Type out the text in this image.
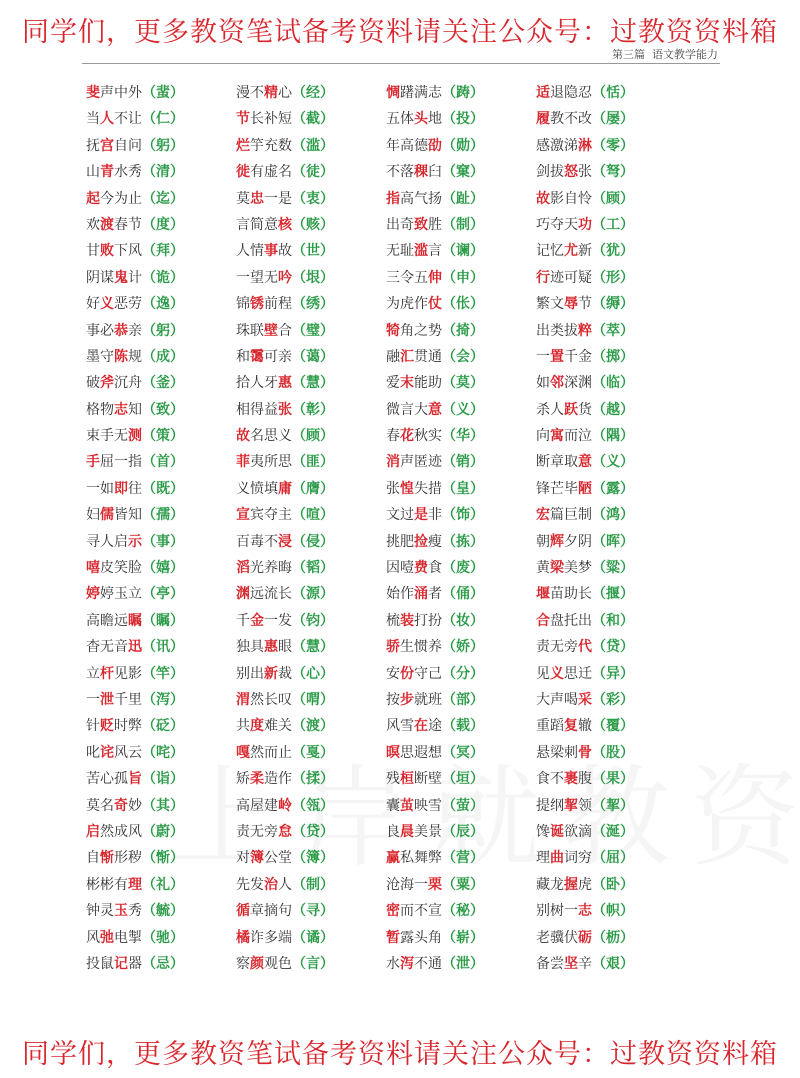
同学们，更多教资笔试备考资料请关注公众号：过教资资料箱
第三篇  语文教学能力
斐声中外（蜚）	漫不精心（经）	惆躇满志（踌）	适退隐忍（恬）
当人不让（仁）	节长补短（截）	五体头地（投）	履教不改（屡）
抚宫自问（躬）	烂竽充数（滥）	年高德劭（勋）	感激涕淋（零）
山青水秀（清）	徙有虚名（徒）	不落稞臼（窠）	剑拔怒张（弩）
起今为止（迄）	莫忠一是（衷）	指高气扬（趾）	故影自怜（顾）
欢渡春节（度）	言简意核（赅）	出奇致胜（制）	巧夺天功（工）
甘败下风（拜）	人情事故（世）	无耻滥言（谰）	记忆尤新（犹）
阴谋鬼计（诡）	一望无吟（垠）	三令五伸（申）	行迹可疑（形）
好义恶劳（逸）	锦锈前程（绣）	为虎作仗（伥）	繁文辱节（缛）
事必恭亲（躬）	珠联壁合（璧）	犄角之势（掎）	出类拔粹（萃）
墨守陈规（成）	和霭可亲（蔼）	融汇贯通（会）	一置千金（掷）
破斧沉舟（釜）	拾人牙惠（慧）	爱末能助（莫）	如邻深渊（临）
格物志知（致）	相得益张（彰）	微言大意（义）	杀人跃货（越）
束手无测（策）	故名思义（顾）	春花秋实（华）	向寓而泣（隅）
手屈一指（首）	菲夷所思（匪）	消声匿迹（销）	断章取意（义）
一如即往（既）	义愤填庸（膺）	张惶失措（皇）	锋芒毕陋（露）
妇儒皆知（孺）	宣宾夺主（喧）	文过是非（饰）	宏篇巨制（鸿）
寻人启示（事）	百毒不浸（侵）	挑肥捡瘦（拣）	朝辉夕阴（晖）
嘻皮笑脸（嬉）	滔光养晦（韬）	因噎费食（废）	黄梁美梦（粱）
婷婷玉立（亭）	渊远流长（源）	始作涌者（俑）	堰苗助长（揠）
高瞻远瞩（瞩）	千金一发（钧）	梳装打扮（妆）	合盘托出（和）
杳无音迅（讯）	独具惠眼（慧）	骄生惯养（娇）	责无旁代（贷）
立杆见影（竿）	别出新裁（心）	安份守己（分）	见义思迁（异）
一泄千里（泻）	渭然长叹（喟）	按步就班（部）	大声喝采（彩）
针贬时弊（砭）	共度难关（渡）	风雪在途（载）	重蹈复辙（覆）
叱诧风云（咤）	嘎然而止（戛）	暝思遐想（冥）	悬梁刺骨（股）
苦心孤旨（诣）	矫柔造作（揉）	残桓断壁（垣）	食不裹腹（果）
莫名奇妙（其）	高屋建岭（瓴）	囊茧映雪（萤）	提纲挈领（挈）
启然成风（蔚）	责无旁怠（贷）	良晨美景（辰）	馋诞欲滴（涎）
自惭形秽（惭）	对簿公堂（簿）	赢私舞弊（营）	理曲词穷（屈）
彬彬有理（礼）	先发治人（制）	沧海一栗（粟）	藏龙握虎（卧）
钟灵玉秀（毓）	循章摘句（寻）	密而不宣（秘）	别树一志（帜）
风弛电掣（驰）	橘诈多端（谲）	暂露头角（崭）	老骥伏砺（枥）
投鼠记器（忌）	察颜观色（言）	水泻不通（泄）	备尝坚辛（艰）
同学们，更多教资笔试备考资料请关注公众号：过教资资料箱
